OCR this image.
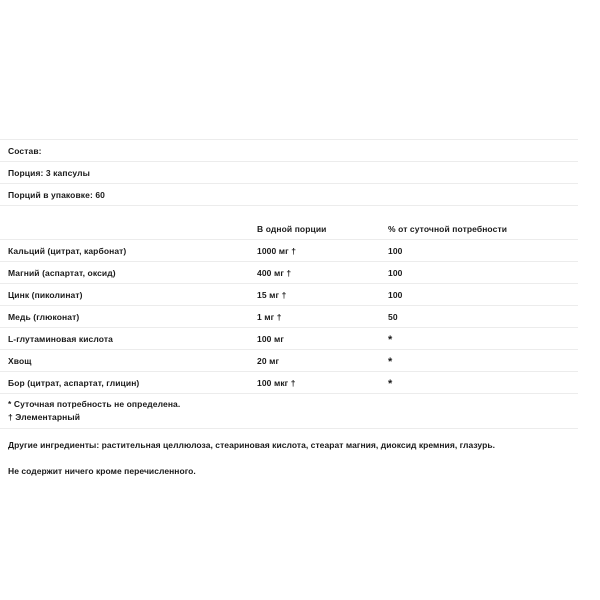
Состав:
Порция: 3 капсулы
Порций в упаковке: 60
	В одной порции	% от суточной потребности
Кальций (цитрат, карбонат)	1000 мг †	100
Магний (аспартат, оксид)	400 мг †	100
Цинк (пиколинат)	15 мг †	100
Медь (глюконат)	1 мг †	50
L-глутаминовая кислота	100 мг	*
Хвощ	20 мг	*
Бор (цитрат, аспартат, глицин)	100 мкг †	*
* Суточная потребность не определена.
† Элементарный

Другие ингредиенты: растительная целлюлоза, стеариновая кислота, стеарат магния, диоксид кремния, глазурь.

Не содержит ничего кроме перечисленного.
